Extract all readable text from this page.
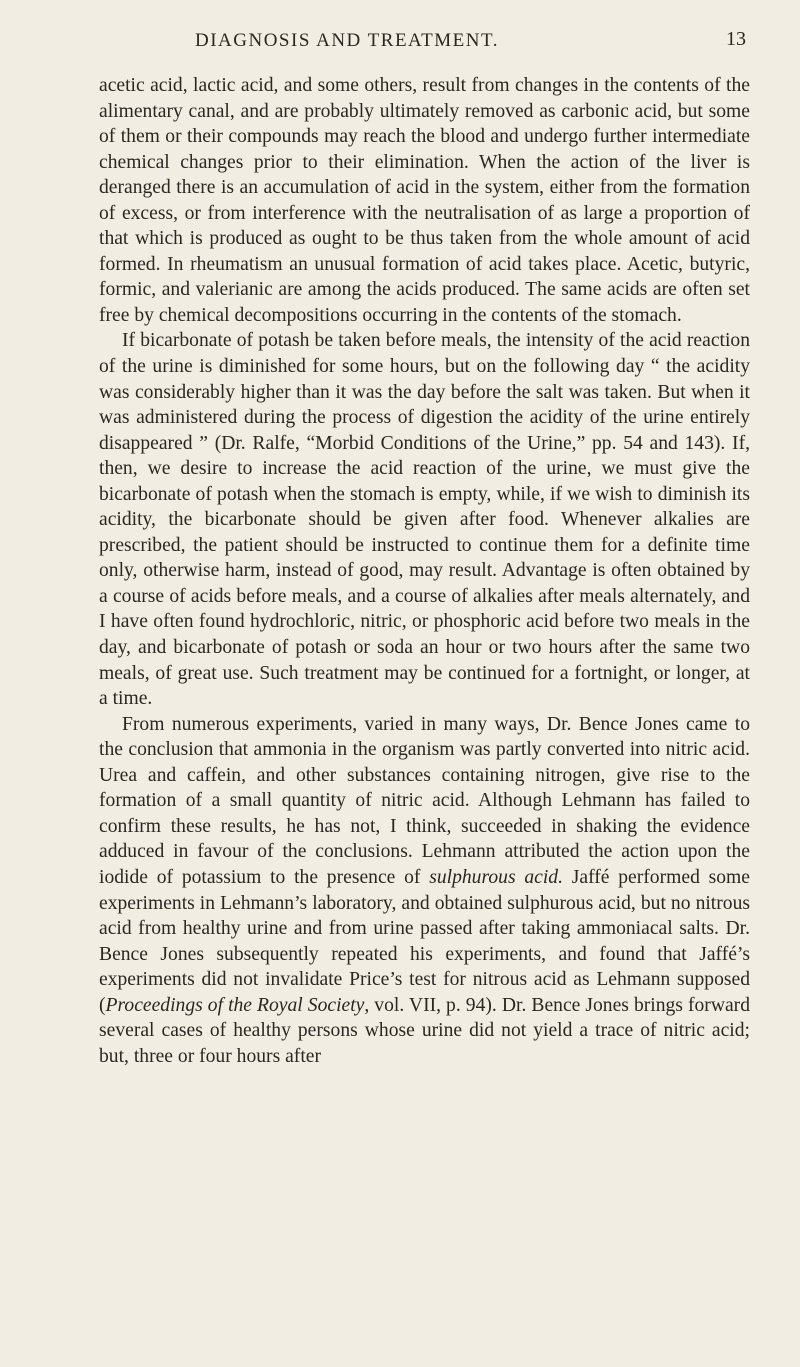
DIAGNOSIS AND TREATMENT.	13

acetic acid, lactic acid, and some others, result from changes in the contents of the alimentary canal, and are probably ultimately removed as carbonic acid, but some of them or their compounds may reach the blood and undergo further intermediate chemical changes prior to their elimination. When the action of the liver is deranged there is an accumulation of acid in the system, either from the formation of excess, or from interference with the neutralisation of as large a proportion of that which is produced as ought to be thus taken from the whole amount of acid formed. In rheumatism an unusual formation of acid takes place. Acetic, butyric, formic, and valerianic are among the acids produced. The same acids are often set free by chemical decompositions occurring in the contents of the stomach.

If bicarbonate of potash be taken before meals, the intensity of the acid reaction of the urine is diminished for some hours, but on the following day “ the acidity was considerably higher than it was the day before the salt was taken. But when it was administered during the process of digestion the acidity of the urine entirely disappeared ” (Dr. Ralfe, “Morbid Conditions of the Urine,” pp. 54 and 143). If, then, we desire to increase the acid reaction of the urine, we must give the bicarbonate of potash when the stomach is empty, while, if we wish to diminish its acidity, the bicarbonate should be given after food. Whenever alkalies are prescribed, the patient should be instructed to continue them for a definite time only, otherwise harm, instead of good, may result. Advantage is often obtained by a course of acids before meals, and a course of alkalies after meals alternately, and I have often found hydrochloric, nitric, or phosphoric acid before two meals in the day, and bicarbonate of potash or soda an hour or two hours after the same two meals, of great use. Such treatment may be continued for a fortnight, or longer, at a time.

From numerous experiments, varied in many ways, Dr. Bence Jones came to the conclusion that ammonia in the organism was partly converted into nitric acid. Urea and caffein, and other substances containing nitrogen, give rise to the formation of a small quantity of nitric acid. Although Lehmann has failed to confirm these results, he has not, I think, succeeded in shaking the evidence adduced in favour of the conclusions. Lehmann attributed the action upon the iodide of potassium to the presence of sulphurous acid. Jaffé performed some experiments in Lehmann’s laboratory, and obtained sulphurous acid, but no nitrous acid from healthy urine and from urine passed after taking ammoniacal salts. Dr. Bence Jones subsequently repeated his experiments, and found that Jaffé’s experiments did not invalidate Price’s test for nitrous acid as Lehmann supposed (Proceedings of the Royal Society, vol. VII, p. 94). Dr. Bence Jones brings forward several cases of healthy persons whose urine did not yield a trace of nitric acid; but, three or four hours after
